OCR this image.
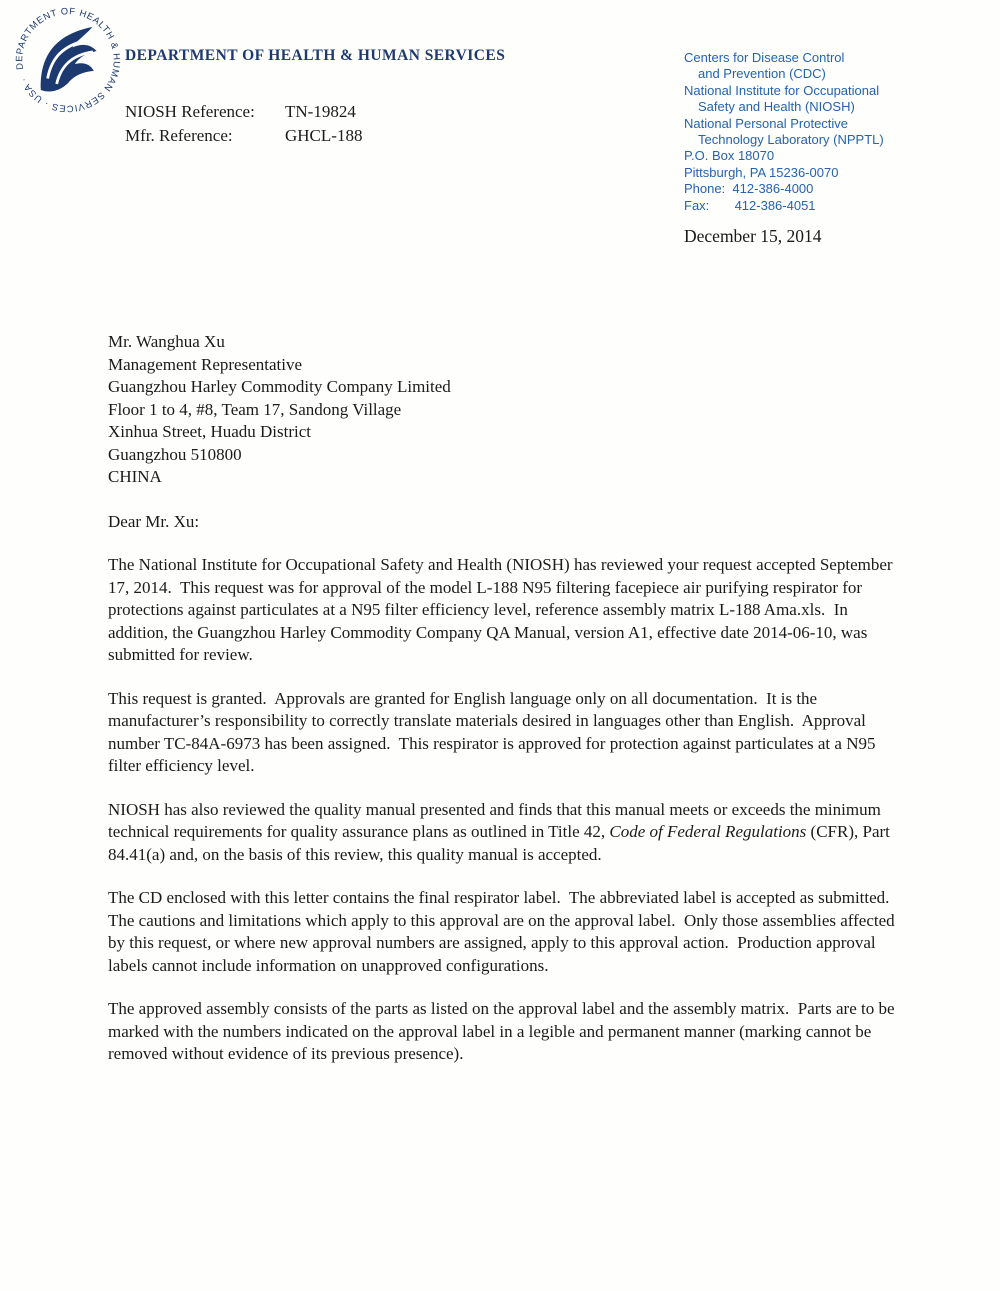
DEPARTMENT OF HEALTH & HUMAN SERVICES · USA ·
DEPARTMENT OF HEALTH & HUMAN SERVICES
NIOSH Reference: TN-19824
Mfr. Reference:	GHCL-188
Centers for Disease Control
and Prevention (CDC)
National Institute for Occupational
Safety and Health (NIOSH)
National Personal Protective
Technology Laboratory (NPPTL)
P.O. Box 18070
Pittsburgh, PA 15236-0070
Phone:  412-386-4000
Fax:       412-386-4051
December 15, 2014
Mr. Wanghua Xu
Management Representative
Guangzhou Harley Commodity Company Limited
Floor 1 to 4, #8, Team 17, Sandong Village
Xinhua Street, Huadu District
Guangzhou 510800
CHINA

Dear Mr. Xu:

The National Institute for Occupational Safety and Health (NIOSH) has reviewed your request accepted September 17, 2014.  This request was for approval of the model L-188 N95 filtering facepiece air purifying respirator for protections against particulates at a N95 filter efficiency level, reference assembly matrix L-188 Ama.xls.  In addition, the Guangzhou Harley Commodity Company QA Manual, version A1, effective date 2014-06-10, was submitted for review.

This request is granted.  Approvals are granted for English language only on all documentation.  It is the manufacturer’s responsibility to correctly translate materials desired in languages other than English.  Approval number TC-84A-6973 has been assigned.  This respirator is approved for protection against particulates at a N95 filter efficiency level.

NIOSH has also reviewed the quality manual presented and finds that this manual meets or exceeds the minimum technical requirements for quality assurance plans as outlined in Title 42, Code of Federal Regulations (CFR), Part 84.41(a) and, on the basis of this review, this quality manual is accepted.

The CD enclosed with this letter contains the final respirator label.  The abbreviated label is accepted as submitted.  The cautions and limitations which apply to this approval are on the approval label.  Only those assemblies affected by this request, or where new approval numbers are assigned, apply to this approval action.  Production approval labels cannot include information on unapproved configurations.

The approved assembly consists of the parts as listed on the approval label and the assembly matrix.  Parts are to be marked with the numbers indicated on the approval label in a legible and permanent manner (marking cannot be removed without evidence of its previous presence).
